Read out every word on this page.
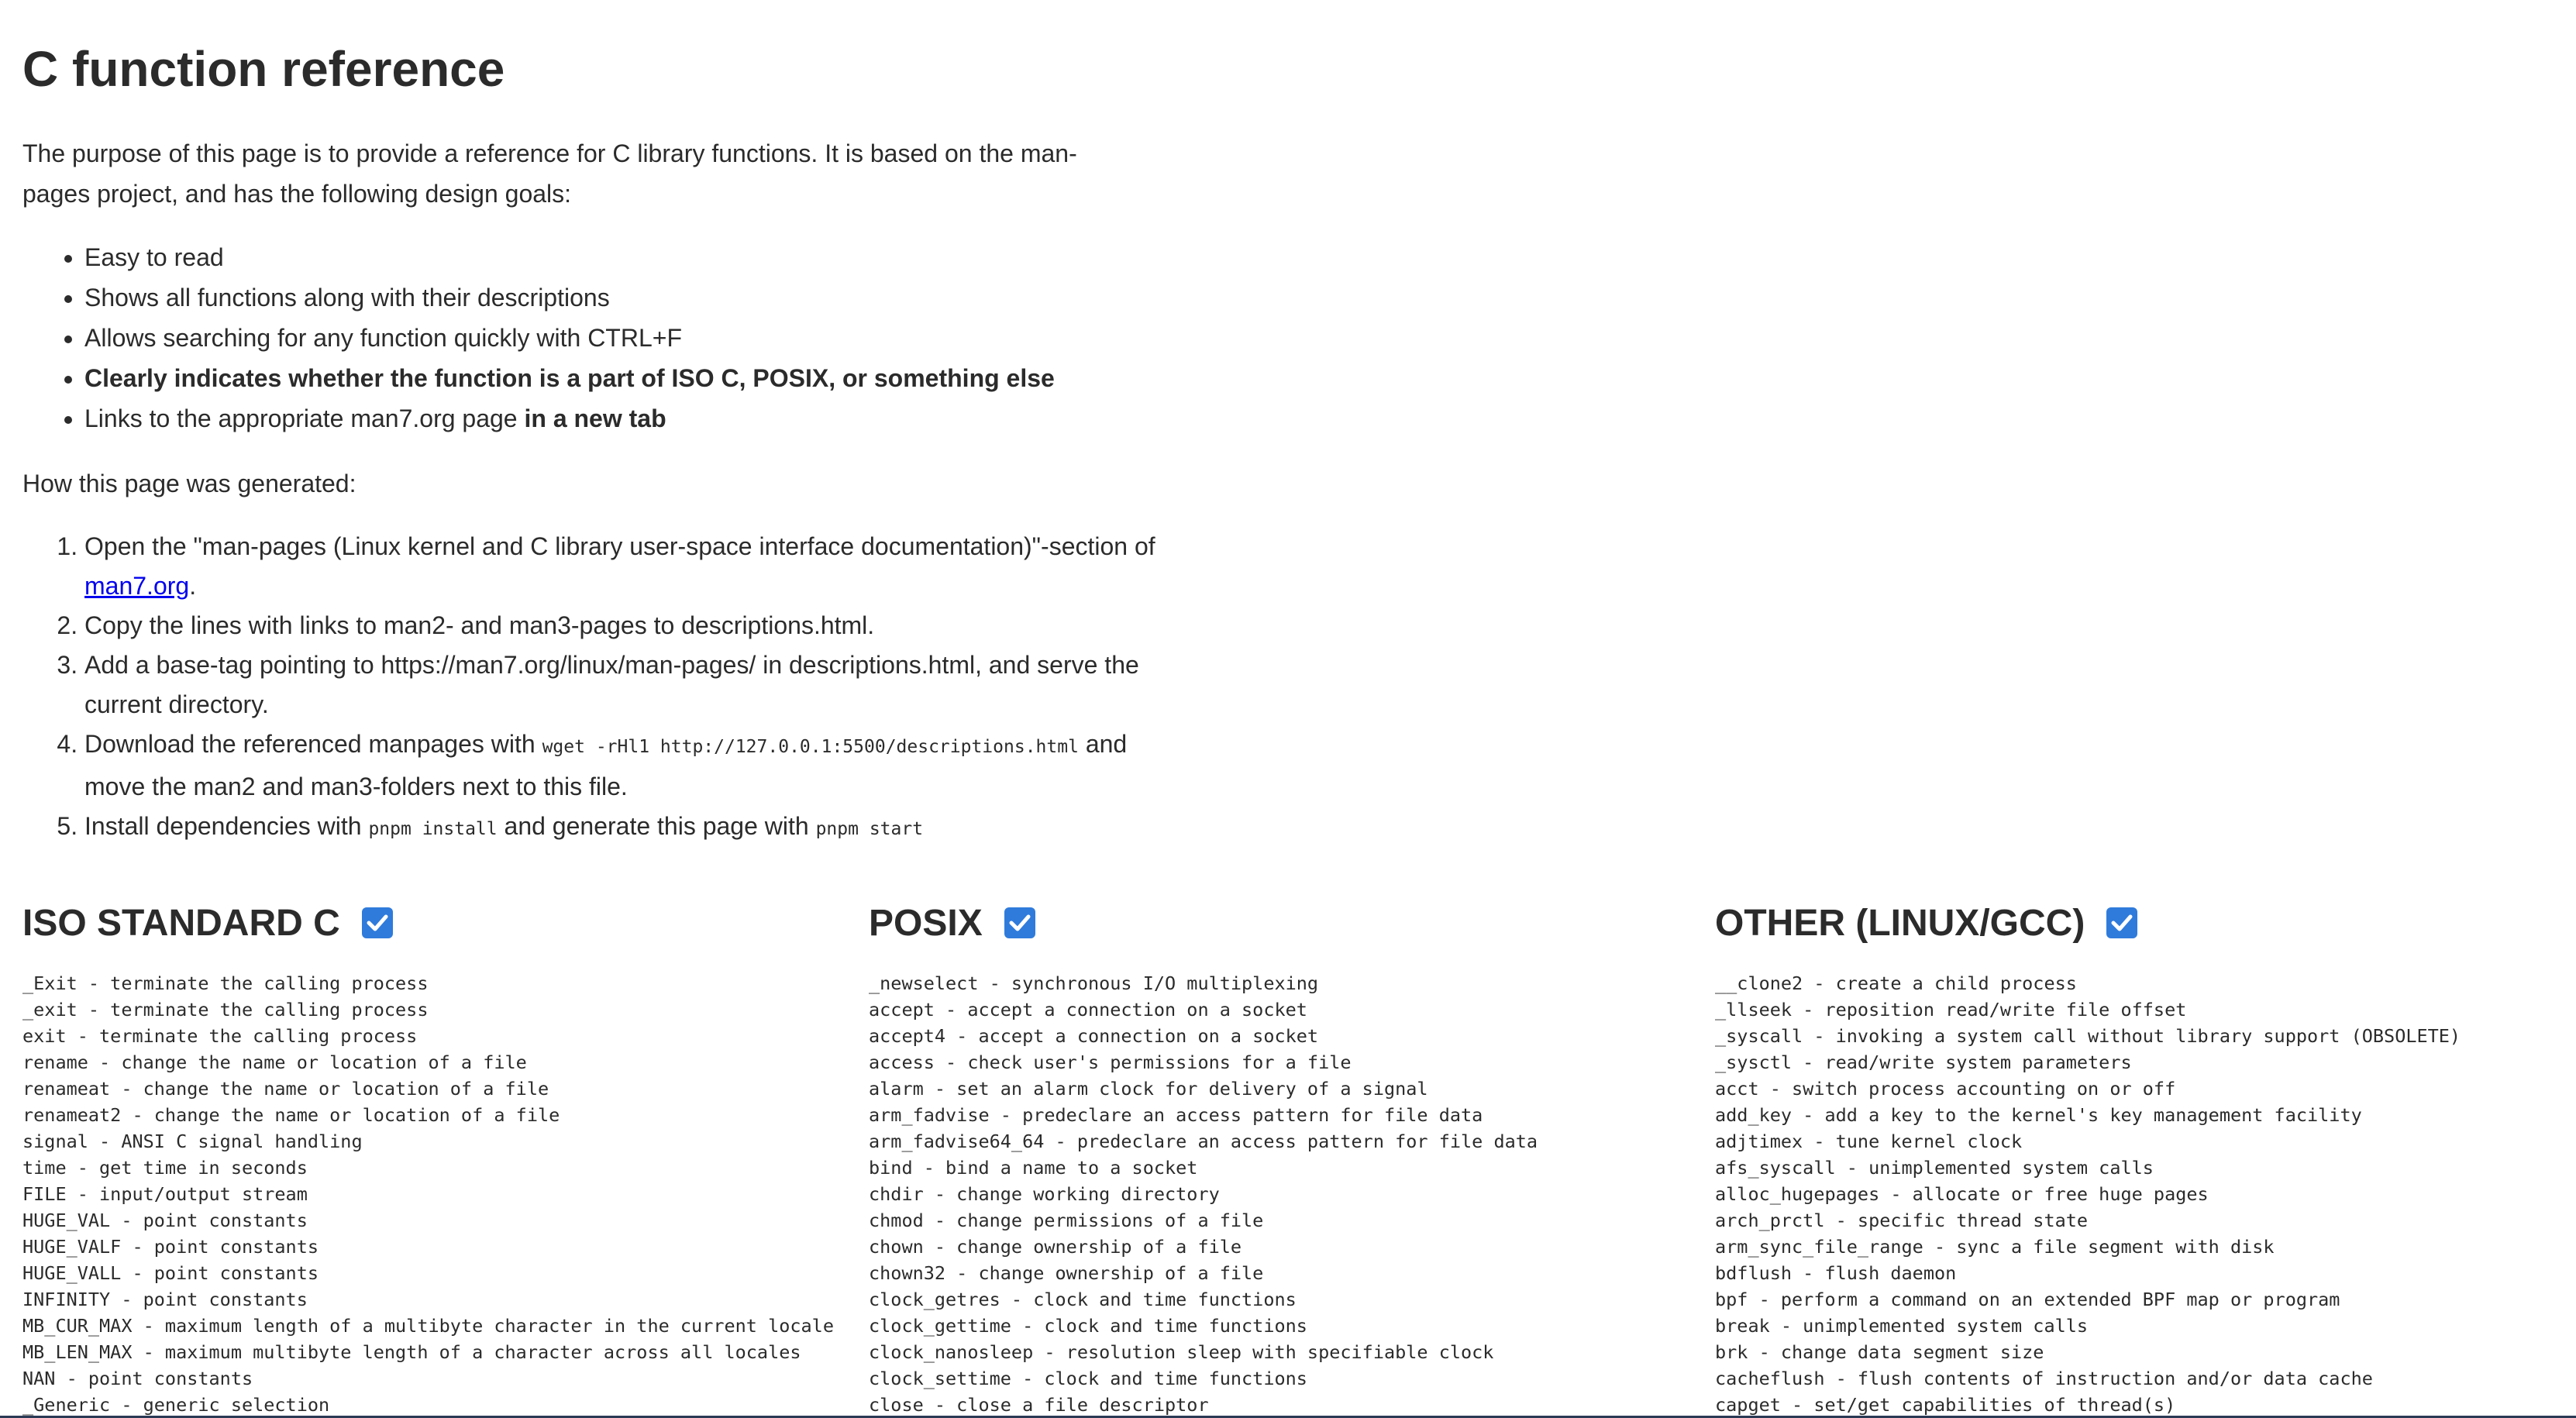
C function reference

The purpose of this page is to provide a reference for C library functions. It is based on the man-pages project, and has the following design goals:

• Easy to read
• Shows all functions along with their descriptions
• Allows searching for any function quickly with CTRL+F
• Clearly indicates whether the function is a part of ISO C, POSIX, or something else
• Links to the appropriate man7.org page in a new tab

How this page was generated:

1. Open the "man-pages (Linux kernel and C library user-space interface documentation)"-section of man7.org.
2. Copy the lines with links to man2- and man3-pages to descriptions.html.
3. Add a base-tag pointing to https://man7.org/linux/man-pages/ in descriptions.html, and serve the current directory.
4. Download the referenced manpages with wget -rHl1 http://127.0.0.1:5500/descriptions.html and move the man2 and man3-folders next to this file.
5. Install dependencies with pnpm install and generate this page with pnpm start
ISO STANDARD C
_Exit - terminate the calling process
_exit - terminate the calling process
exit - terminate the calling process
rename - change the name or location of a file
renameat - change the name or location of a file
renameat2 - change the name or location of a file
signal - ANSI C signal handling
time - get time in seconds
FILE - input/output stream
HUGE_VAL - point constants
HUGE_VALF - point constants
HUGE_VALL - point constants
INFINITY - point constants
MB_CUR_MAX - maximum length of a multibyte character in the current locale
MB_LEN_MAX - maximum multibyte length of a character across all locales
NAN - point constants
_Generic - generic selection
POSIX
_newselect - synchronous I/O multiplexing
accept - accept a connection on a socket
accept4 - accept a connection on a socket
access - check user's permissions for a file
alarm - set an alarm clock for delivery of a signal
arm_fadvise - predeclare an access pattern for file data
arm_fadvise64_64 - predeclare an access pattern for file data
bind - bind a name to a socket
chdir - change working directory
chmod - change permissions of a file
chown - change ownership of a file
chown32 - change ownership of a file
clock_getres - clock and time functions
clock_gettime - clock and time functions
clock_nanosleep - resolution sleep with specifiable clock
clock_settime - clock and time functions
close - close a file descriptor
OTHER (LINUX/GCC)
__clone2 - create a child process
_llseek - reposition read/write file offset
_syscall - invoking a system call without library support (OBSOLETE)
_sysctl - read/write system parameters
acct - switch process accounting on or off
add_key - add a key to the kernel's key management facility
adjtimex - tune kernel clock
afs_syscall - unimplemented system calls
alloc_hugepages - allocate or free huge pages
arch_prctl - specific thread state
arm_sync_file_range - sync a file segment with disk
bdflush - flush daemon
bpf - perform a command on an extended BPF map or program
break - unimplemented system calls
brk - change data segment size
cacheflush - flush contents of instruction and/or data cache
capget - set/get capabilities of thread(s)
